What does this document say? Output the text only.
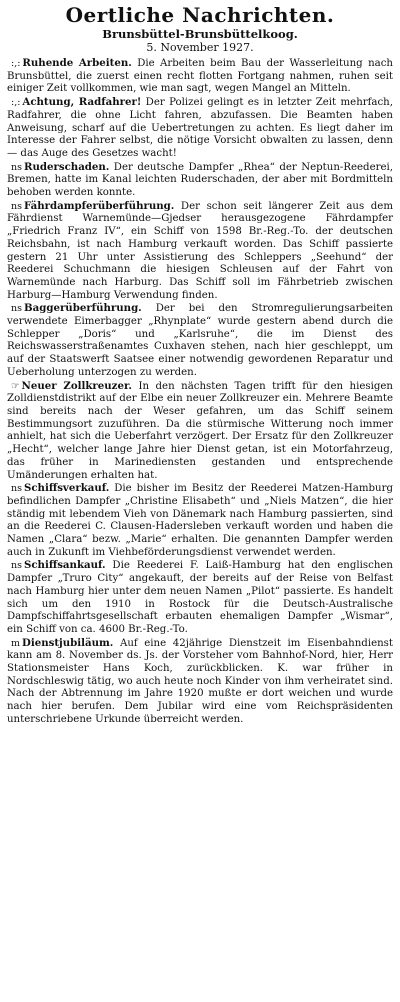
Oertliche Nachrichten.
Brunsbüttel-Brunsbüttelkoog.
5. November 1927.

:,: Ruhende Arbeiten. Die Arbeiten beim Bau der Wasserleitung nach Brunsbüttel, die zuerst einen recht flotten Fortgang nahmen, ruhen seit einiger Zeit vollkommen, wie man sagt, wegen Mangel an Mitteln.

:,: Achtung, Radfahrer! Der Polizei gelingt es in letzter Zeit mehrfach, Radfahrer, die ohne Licht fahren, abzufassen. Die Beamten haben Anweisung, scharf auf die Uebertretungen zu achten. Es liegt daher im Interesse der Fahrer selbst, die nötige Vorsicht obwalten zu lassen, denn — das Auge des Gesetzes wacht!

ns Ruderschaden. Der deutsche Dampfer „Rhea“ der Neptun-Reederei, Bremen, hatte im Kanal leichten Ruderschaden, der aber mit Bordmitteln behoben werden konnte.

ns Fährdampferüberführung. Der schon seit längerer Zeit aus dem Fährdienst Warnemünde—Gjedser herausgezogene Fährdampfer „Friedrich Franz IV“, ein Schiff von 1598 Br.-Reg.-To. der deutschen Reichsbahn, ist nach Hamburg verkauft worden. Das Schiff passierte gestern 21 Uhr unter Assistierung des Schleppers „Seehund“ der Reederei Schuchmann die hiesigen Schleusen auf der Fahrt von Warnemünde nach Harburg. Das Schiff soll im Fährbetrieb zwischen Harburg—Hamburg Verwendung finden.

ns Baggerüberführung. Der bei den Stromregulierungsarbeiten verwendete Eimerbagger „Rhynplate“ wurde gestern abend durch die Schlepper „Doris“ und „Karlsruhe“, die im Dienst des Reichswasserstraßenamtes Cuxhaven stehen, nach hier geschleppt, um auf der Staatswerft Saatsee einer notwendig gewordenen Reparatur und Ueberholung unterzogen zu werden.

☞ Neuer Zollkreuzer. In den nächsten Tagen trifft für den hiesigen Zolldienstdistrikt auf der Elbe ein neuer Zollkreuzer ein. Mehrere Beamte sind bereits nach der Weser gefahren, um das Schiff seinem Bestimmungsort zuzuführen. Da die stürmische Witterung noch immer anhielt, hat sich die Ueberfahrt verzögert. Der Ersatz für den Zollkreuzer „Hecht“, welcher lange Jahre hier Dienst getan, ist ein Motorfahrzeug, das früher in Marinediensten gestanden und entsprechende Umänderungen erhalten hat.

ns Schiffsverkauf. Die bisher im Besitz der Reederei Matzen-Hamburg befindlichen Dampfer „Christine Elisabeth“ und „Niels Matzen“, die hier ständig mit lebendem Vieh von Dänemark nach Hamburg passierten, sind an die Reederei C. Clausen-Hadersleben verkauft worden und haben die Namen „Clara“ bezw. „Marie“ erhalten. Die genannten Dampfer werden auch in Zukunft im Viehbeförderungsdienst verwendet werden.

ns Schiffsankauf. Die Reederei F. Laiß-Hamburg hat den englischen Dampfer „Truro City“ angekauft, der bereits auf der Reise von Belfast nach Hamburg hier unter dem neuen Namen „Pilot“ passierte. Es handelt sich um den 1910 in Rostock für die Deutsch-Australische Dampfschiffahrtsgesellschaft erbauten ehemaligen Dampfer „Wismar“, ein Schiff von ca. 4600 Br.-Reg.-To.

m Dienstjubiläum. Auf eine 42jährige Dienstzeit im Eisenbahndienst kann am 8. November ds. Js. der Vorsteher vom Bahnhof-Nord, hier, Herr Stationsmeister Hans Koch, zurückblicken. K. war früher in Nordschleswig tätig, wo auch heute noch Kinder von ihm verheiratet sind. Nach der Abtrennung im Jahre 1920 mußte er dort weichen und wurde nach hier berufen. Dem Jubilar wird eine vom Reichspräsidenten unterschriebene Urkunde überreicht werden.
